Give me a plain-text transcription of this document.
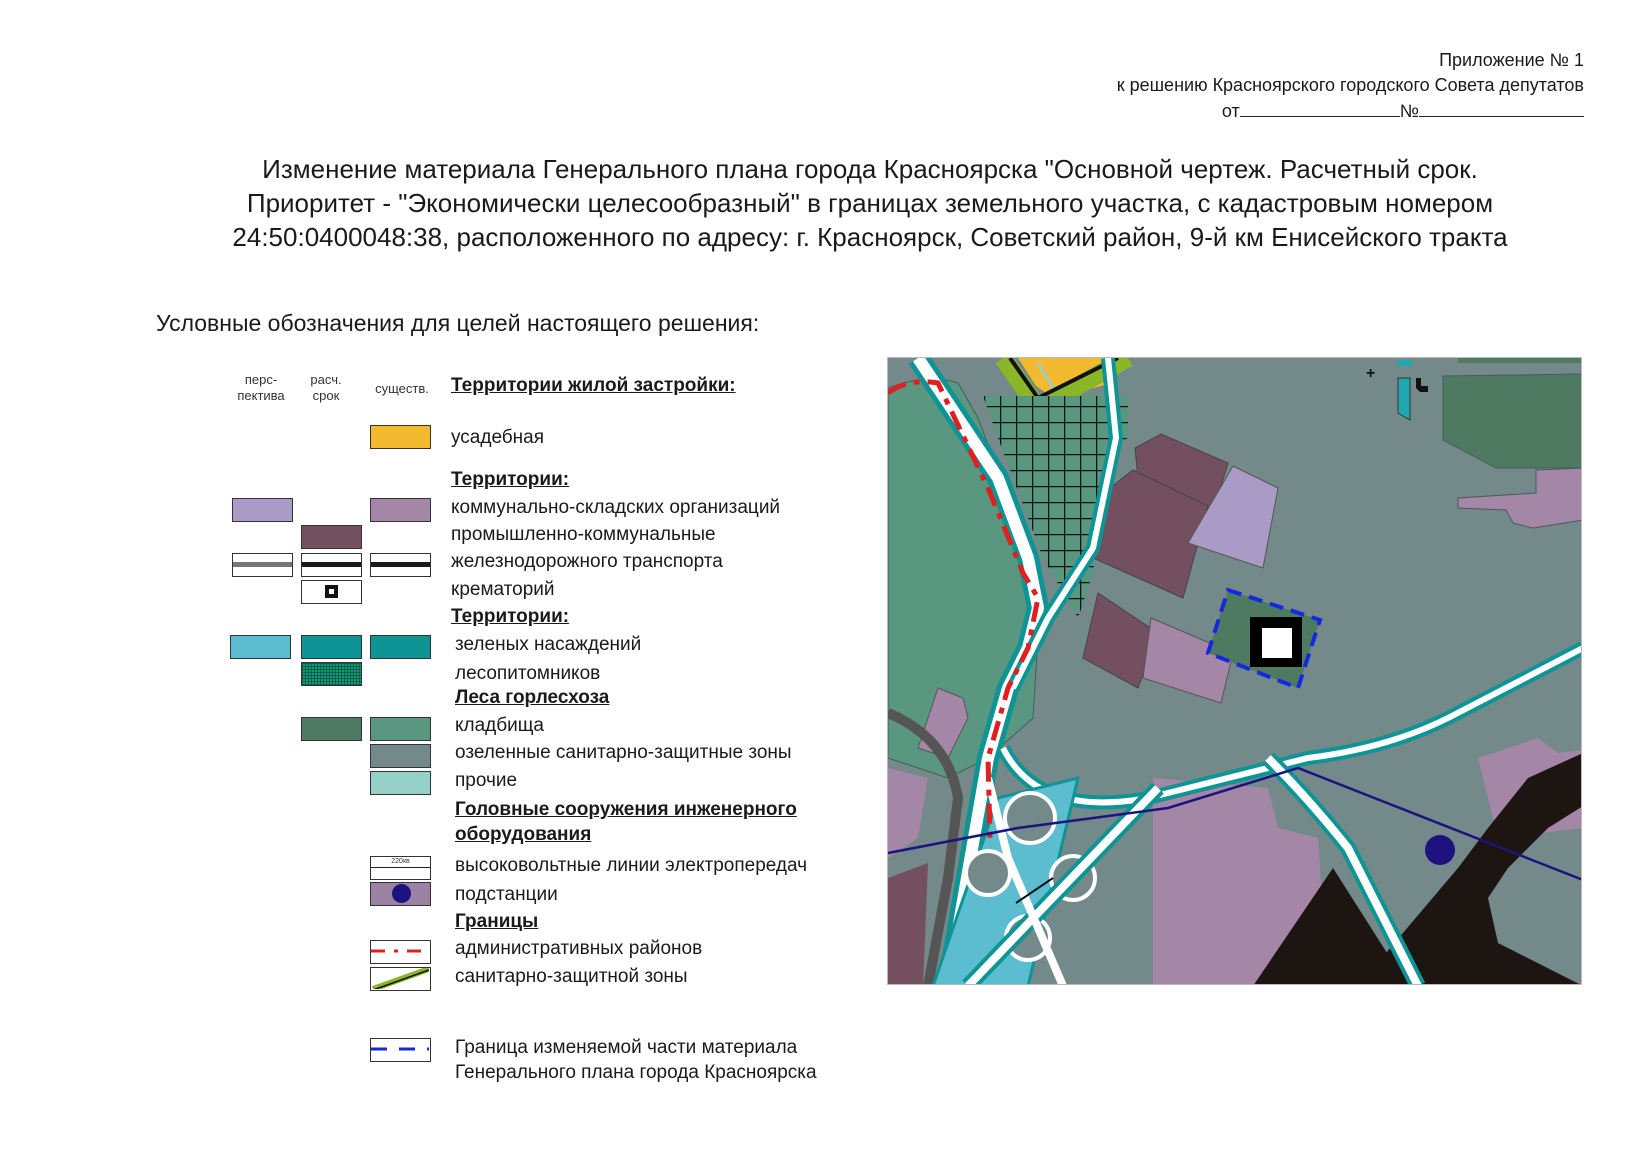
Приложение № 1
к решению Красноярского городского Совета депутатов
от	№
Изменение материала Генерального плана города Красноярска "Основной чертеж. Расчетный срок.
Приоритет - "Экономически целесообразный" в границах земельного участка, с кадастровым номером
24:50:0400048:38, расположенного по адресу: г. Красноярск, Советский район, 9-й км Енисейского тракта
Условные обозначения для целей настоящего решения:
перс-
пектива
расч.
срок	существ.	Территории жилой застройки:
усадебная
Территории:
коммунально-складских организаций
промышленно-коммунальные
железнодорожного транспорта
крематорий
Территории:
зеленых насаждений
лесопитомников
Леса горлесхоза
кладбища
озеленные санитарно-защитные зоны
прочие
Головные сооружения инженерного
оборудования
220кв	высоковольтные линии электропередач
подстанции
Границы
административных районов
санитарно-защитной зоны
Граница изменяемой части материала
Генерального плана города Красноярска
+
